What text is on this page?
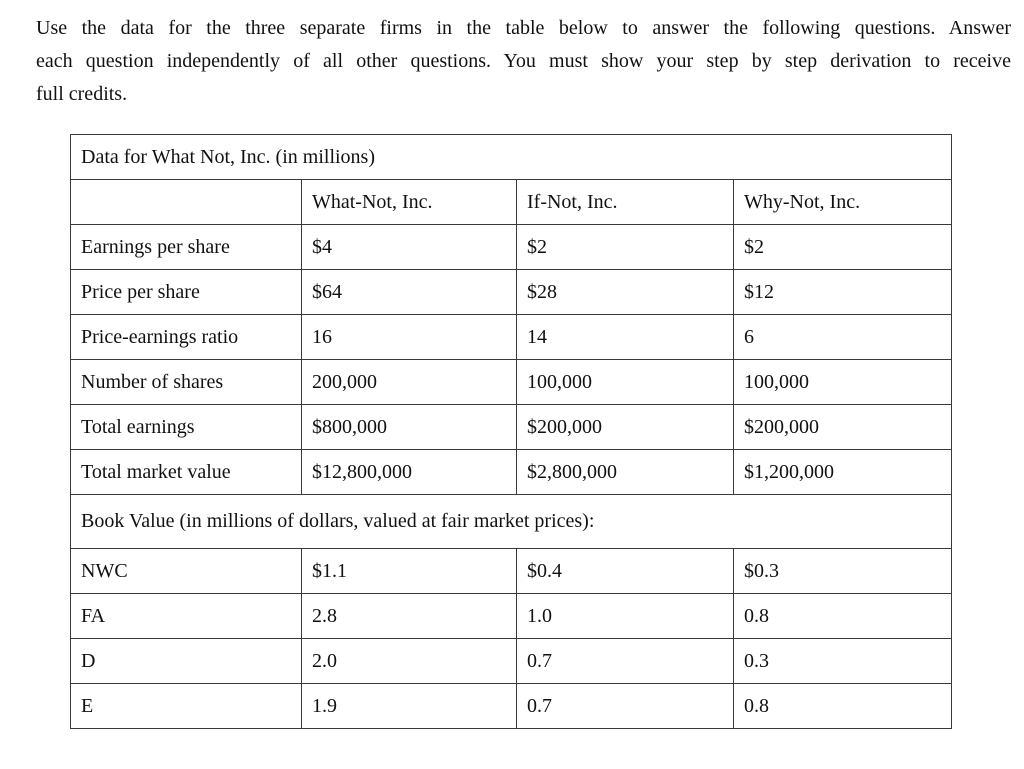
Use the data for the three separate firms in the table below to answer the following questions. Answer
each question independently of all other questions. You must show your step by step derivation to receive
full credits.
Data for What Not, Inc. (in millions)			
	What-Not, Inc.	If-Not, Inc.	Why-Not, Inc.
Earnings per share	$4	$2	$2
Price per share	$64	$28	$12
Price-earnings ratio	16	14	6
Number of shares	200,000	100,000	100,000
Total earnings	$800,000	$200,000	$200,000
Total market value	$12,800,000	$2,800,000	$1,200,000
Book Value (in millions of dollars, valued at fair market prices):			
NWC	$1.1	$0.4	$0.3
FA	2.8	1.0	0.8
D	2.0	0.7	0.3
E	1.9	0.7	0.8
